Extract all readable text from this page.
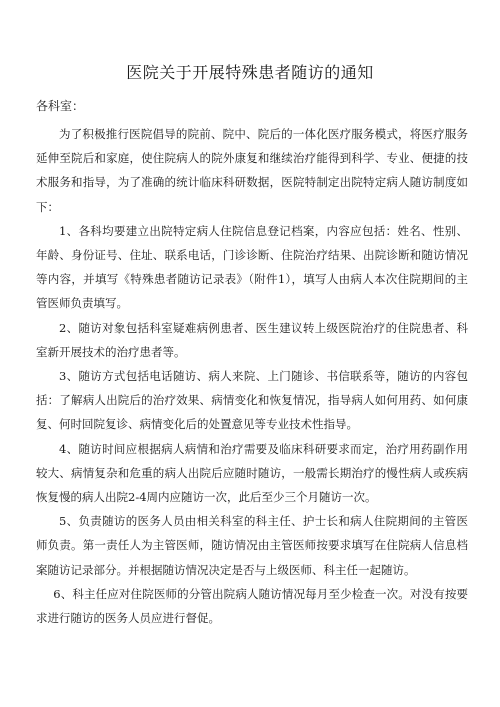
医院关于开展特殊患者随访的通知
各科室：

为了积极推行医院倡导的院前、院中、院后的一体化医疗服务模式，将医疗服务延伸至院后和家庭，使住院病人的院外康复和继续治疗能得到科学、专业、便捷的技术服务和指导，为了准确的统计临床科研数据，医院特制定出院特定病人随访制度如下：

1、各科均要建立出院特定病人住院信息登记档案，内容应包括：姓名、性别、年龄、身份证号、住址、联系电话，门诊诊断、住院治疗结果、出院诊断和随访情况等内容，并填写《特殊患者随访记录表》（附件1），填写人由病人本次住院期间的主管医师负责填写。

2、随访对象包括科室疑难病例患者、医生建议转上级医院治疗的住院患者、科室新开展技术的治疗患者等。

3、随访方式包括电话随访、病人来院、上门随诊、书信联系等，随访的内容包括：了解病人出院后的治疗效果、病情变化和恢复情况，指导病人如何用药、如何康复、何时回院复诊、病情变化后的处置意见等专业技术性指导。

4、随访时间应根据病人病情和治疗需要及临床科研要求而定，治疗用药副作用较大、病情复杂和危重的病人出院后应随时随访，一般需长期治疗的慢性病人或疾病恢复慢的病人出院2-4周内应随访一次，此后至少三个月随访一次。

5、负责随访的医务人员由相关科室的科主任、护士长和病人住院期间的主管医师负责。第一责任人为主管医师，随访情况由主管医师按要求填写在住院病人信息档案随访记录部分。并根据随访情况决定是否与上级医师、科主任一起随访。

6、科主任应对住院医师的分管出院病人随访情况每月至少检查一次。对没有按要求进行随访的医务人员应进行督促。
